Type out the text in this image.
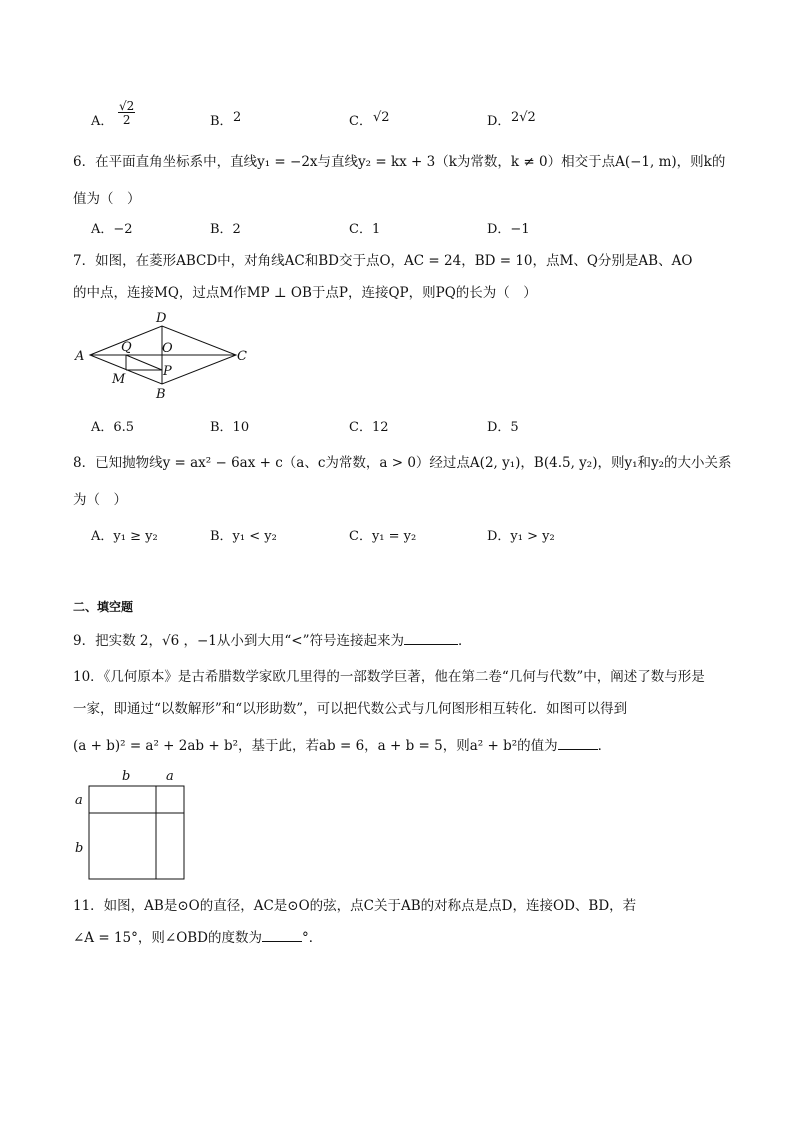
A． $\frac{√2}{2}$	B． 2	C． √2	D． 2√2
6．在平面直角坐标系中，直线y₁ = −2x与直线y₂ = kx + 3（k为常数，k ≠ 0）相交于点A(−1, m)，则k的
值为（　）
A．−2	B．2	C．1	D．−1
7．如图，在菱形ABCD中，对角线AC和BD交于点O，AC = 24，BD = 10，点M、Q分别是AB、AO
的中点，连接MQ，过点M作MP ⊥ OB于点P，连接QP，则PQ的长为（　）
A
D
C
B
O
Q
M
P
A．6.5	B．10	C．12	D．5
8．已知抛物线y = ax² − 6ax + c（a、c为常数，a > 0）经过点A(2, y₁)，B(4.5, y₂)，则y₁和y₂的大小关系
为（　）
A．y₁ ≥ y₂	B．y₁ < y₂	C．y₁ = y₂	D．y₁ > y₂
二、填空题
9．把实数 2，√6 ，−1从小到大用“<”符号连接起来为	．
10．《几何原本》是古希腊数学家欧几里得的一部数学巨著，他在第二卷“几何与代数”中，阐述了数与形是
一家，即通过“以数解形”和“以形助数”，可以把代数公式与几何图形相互转化．如图可以得到
(a + b)² = a² + 2ab + b²，基于此，若ab = 6，a + b = 5，则a² + b²的值为	．
b	a
a
b
11．如图，AB是⊙O的直径，AC是⊙O的弦，点C关于AB的对称点是点D，连接OD、BD，若
∠A = 15°，则∠OBD的度数为	°．
